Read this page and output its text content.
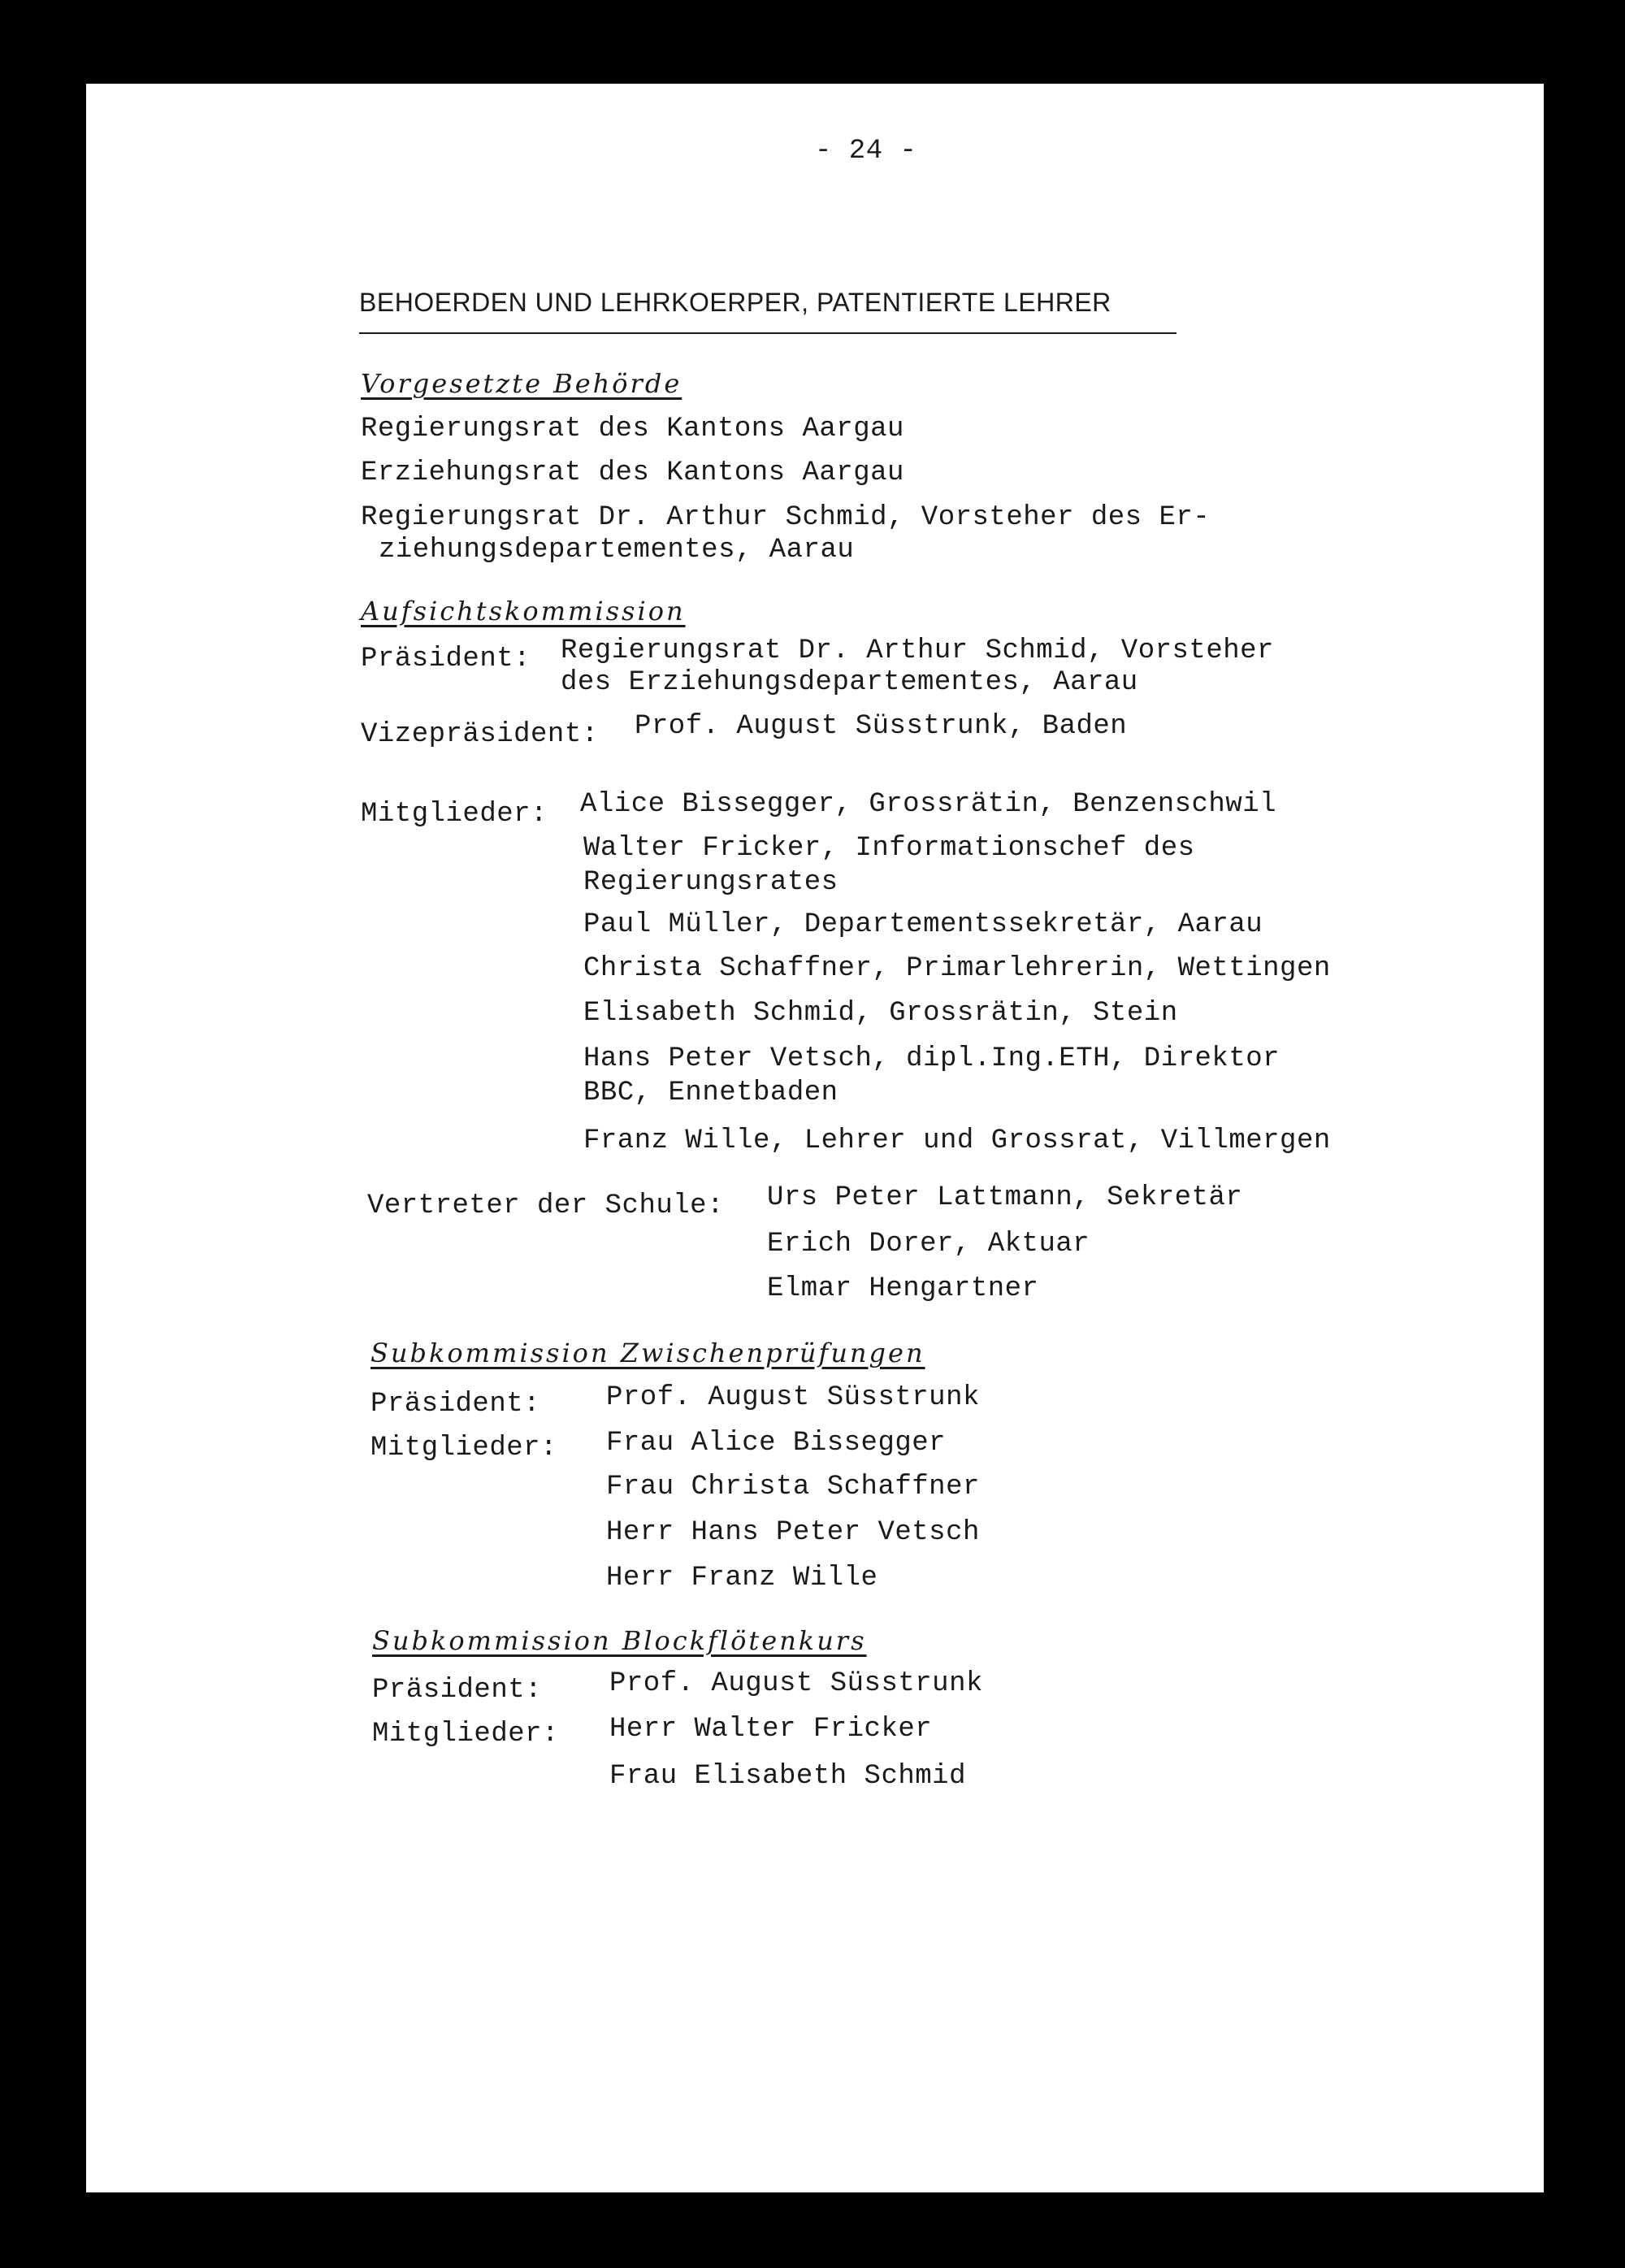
- 24 -
BEHOERDEN UND LEHRKOERPER, PATENTIERTE LEHRER
Vorgesetzte Behörde
Regierungsrat des Kantons Aargau
Erziehungsrat des Kantons Aargau
Regierungsrat Dr. Arthur Schmid, Vorsteher des Er-
ziehungsdepartementes, Aarau
Aufsichtskommission
Präsident: Regierungsrat Dr. Arthur Schmid, Vorsteher
des Erziehungsdepartementes, Aarau
Vizepräsident: Prof. August Süsstrunk, Baden
Mitglieder: Alice Bissegger, Grossrätin, Benzenschwil
Walter Fricker, Informationschef des
Regierungsrates
Paul Müller, Departementssekretär, Aarau
Christa Schaffner, Primarlehrerin, Wettingen
Elisabeth Schmid, Grossrätin, Stein
Hans Peter Vetsch, dipl.Ing.ETH, Direktor
BBC, Ennetbaden
Franz Wille, Lehrer und Grossrat, Villmergen
Vertreter der Schule: Urs Peter Lattmann, Sekretär
Erich Dorer, Aktuar
Elmar Hengartner
Subkommission Zwischenprüfungen
Präsident: Prof. August Süsstrunk
Mitglieder: Frau Alice Bissegger
Frau Christa Schaffner
Herr Hans Peter Vetsch
Herr Franz Wille
Subkommission Blockflötenkurs
Präsident: Prof. August Süsstrunk
Mitglieder: Herr Walter Fricker
Frau Elisabeth Schmid
